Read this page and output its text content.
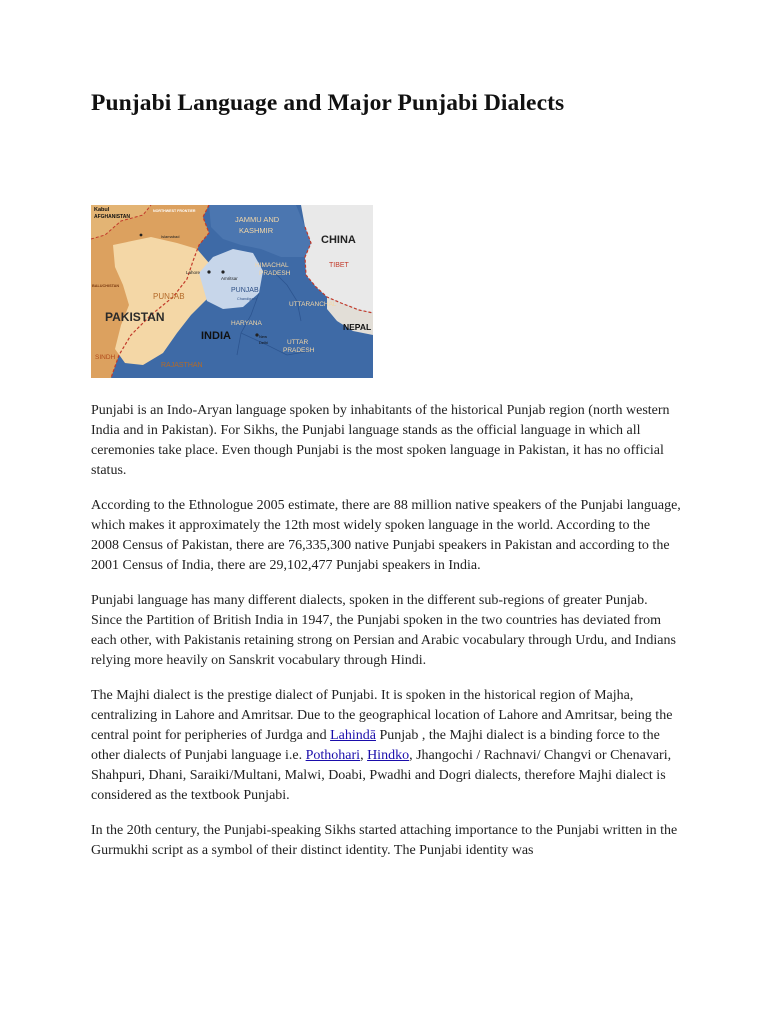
Punjabi Language and Major Punjabi Dialects
Kabul
AFGHANISTAN
NORTHWEST FRONTIER
Islamabad
JAMMU AND
KASHMIR
CHINA
TIBET
HIMACHAL
PRADESH
Lahore
Amritsar
PUNJAB
Chandigarh
PUNJAB
PAKISTAN
BALUCHISTAN
UTTARANCHAL
HARYANA
INDIA	New
Delhi
NEPAL
UTTAR
PRADESH
SINDH
RAJASTHAN

Punjabi is an Indo-Aryan language spoken by inhabitants of the historical Punjab region (north western India and in Pakistan). For Sikhs, the Punjabi language stands as the official language in which all ceremonies take place. Even though Punjabi is the most spoken language in Pakistan, it has no official status.

According to the Ethnologue 2005 estimate, there are 88 million native speakers of the Punjabi language, which makes it approximately the 12th most widely spoken language in the world. According to the 2008 Census of Pakistan, there are 76,335,300 native Punjabi speakers in Pakistan and according to the 2001 Census of India, there are 29,102,477 Punjabi speakers in India.

Punjabi language has many different dialects, spoken in the different sub-regions of greater Punjab. Since the Partition of British India in 1947, the Punjabi spoken in the two countries has deviated from each other, with Pakistanis retaining strong on Persian and Arabic vocabulary through Urdu, and Indians relying more heavily on Sanskrit vocabulary through Hindi.

The Majhi dialect is the prestige dialect of Punjabi. It is spoken in the historical region of Majha, centralizing in Lahore and Amritsar. Due to the geographical location of Lahore and Amritsar, being the central point for peripheries of Jurdga and Lahindā Punjab , the Majhi dialect is a binding force to the other dialects of Punjabi language i.e. Pothohari, Hindko, Jhangochi / Rachnavi/ Changvi or Chenavari, Shahpuri, Dhani, Saraiki/Multani, Malwi, Doabi, Pwadhi and Dogri dialects, therefore Majhi dialect is considered as the textbook Punjabi.

In the 20th century, the Punjabi-speaking Sikhs started attaching importance to the Punjabi written in the Gurmukhi script as a symbol of their distinct identity. The Punjabi identity was
